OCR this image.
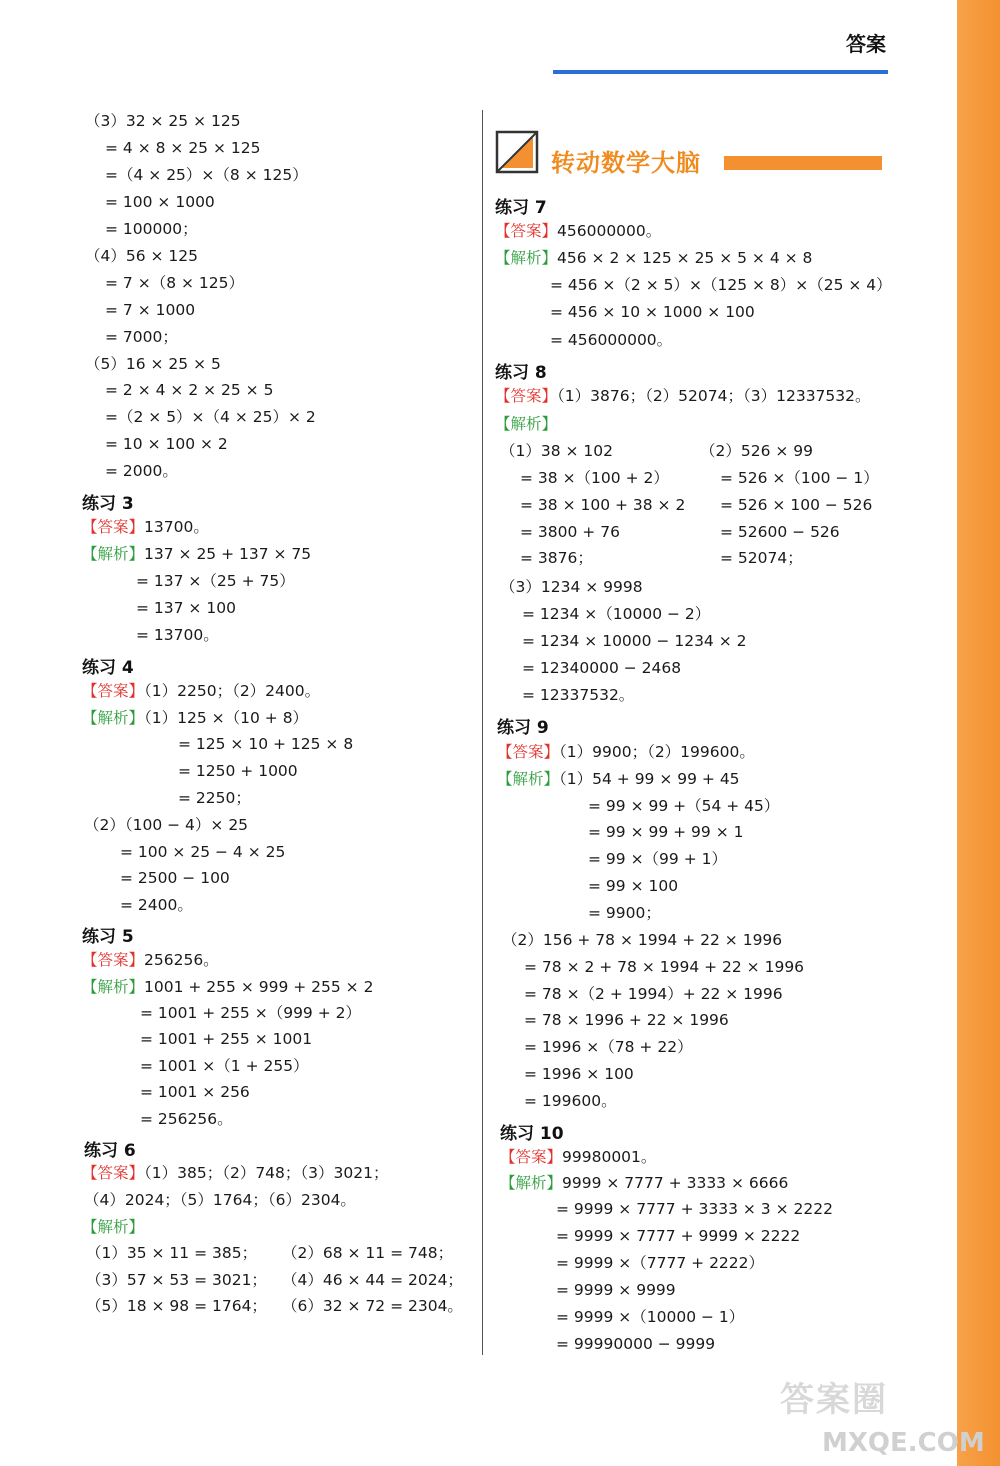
答案
（3）32 × 25 × 125
= 4 × 8 × 25 × 125
=（4 × 25）×（8 × 125）
= 100 × 1000
= 100000；
（4）56 × 125
= 7 ×（8 × 125）
= 7 × 1000
= 7000；
（5）16 × 25 × 5
= 2 × 4 × 2 × 25 × 5
=（2 × 5）×（4 × 25）× 2
= 10 × 100 × 2
= 2000。
练习 3
【答案】13700。
【解析】137 × 25 + 137 × 75
= 137 ×（25 + 75）
= 137 × 100
= 13700。
练习 4
【答案】（1）2250；（2）2400。
【解析】（1）125 ×（10 + 8）
= 125 × 10 + 125 × 8
= 1250 + 1000
= 2250；
（2）（100 − 4）× 25
= 100 × 25 − 4 × 25
= 2500 − 100
= 2400。
练习 5
【答案】256256。
【解析】1001 + 255 × 999 + 255 × 2
= 1001 + 255 ×（999 + 2）
= 1001 + 255 × 1001
= 1001 ×（1 + 255）
= 1001 × 256
= 256256。
练习 6
【答案】（1）385；（2）748；（3）3021；
（4）2024；（5）1764；（6）2304。
【解析】
（1）35 × 11 = 385； （2）68 × 11 = 748；
（3）57 × 53 = 3021； （4）46 × 44 = 2024；
（5）18 × 98 = 1764； （6）32 × 72 = 2304。
转动数学大脑
练习 7
【答案】456000000。
【解析】456 × 2 × 125 × 25 × 5 × 4 × 8
= 456 ×（2 × 5）×（125 × 8）×（25 × 4）
= 456 × 10 × 1000 × 100
= 456000000。
练习 8
【答案】（1）3876；（2）52074；（3）12337532。
【解析】
（1）38 × 102
= 38 ×（100 + 2）
= 38 × 100 + 38 × 2
= 3800 + 76
= 3876；
（2）526 × 99
= 526 ×（100 − 1）
= 526 × 100 − 526
= 52600 − 526
= 52074；
（3）1234 × 9998
= 1234 ×（10000 − 2）
= 1234 × 10000 − 1234 × 2
= 12340000 − 2468
= 12337532。
练习 9
【答案】（1）9900；（2）199600。
【解析】（1）54 + 99 × 99 + 45
= 99 × 99 +（54 + 45）
= 99 × 99 + 99 × 1
= 99 ×（99 + 1）
= 99 × 100
= 9900；
（2）156 + 78 × 1994 + 22 × 1996
= 78 × 2 + 78 × 1994 + 22 × 1996
= 78 ×（2 + 1994）+ 22 × 1996
= 78 × 1996 + 22 × 1996
= 1996 ×（78 + 22）
= 1996 × 100
= 199600。
练习 10
【答案】99980001。
【解析】9999 × 7777 + 3333 × 6666
= 9999 × 7777 + 3333 × 3 × 2222
= 9999 × 7777 + 9999 × 2222
= 9999 ×（7777 + 2222）
= 9999 × 9999
= 9999 ×（10000 − 1）
= 99990000 − 9999
答案圈
MXQE.COM
